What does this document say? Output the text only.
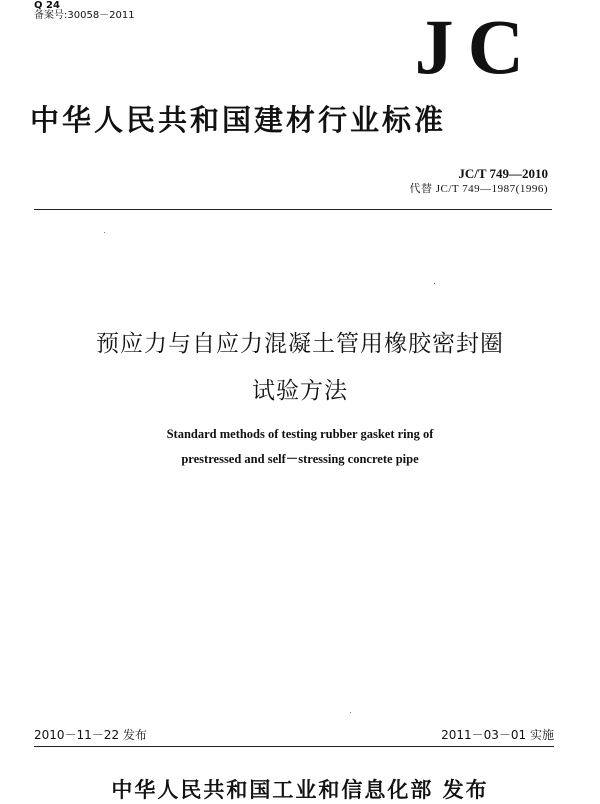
Q 24
备案号:30058－2011	JC
中华人民共和国建材行业标准
JC/T 749—2010
代替 JC/T 749—1987(1996)
预应力与自应力混凝土管用橡胶密封圈
试验方法
Standard methods of testing rubber gasket ring of
prestressed and self－stressing concrete pipe
2010－11－22 发布	2011－03－01 实施
中华人民共和国工业和信息化部 发布
